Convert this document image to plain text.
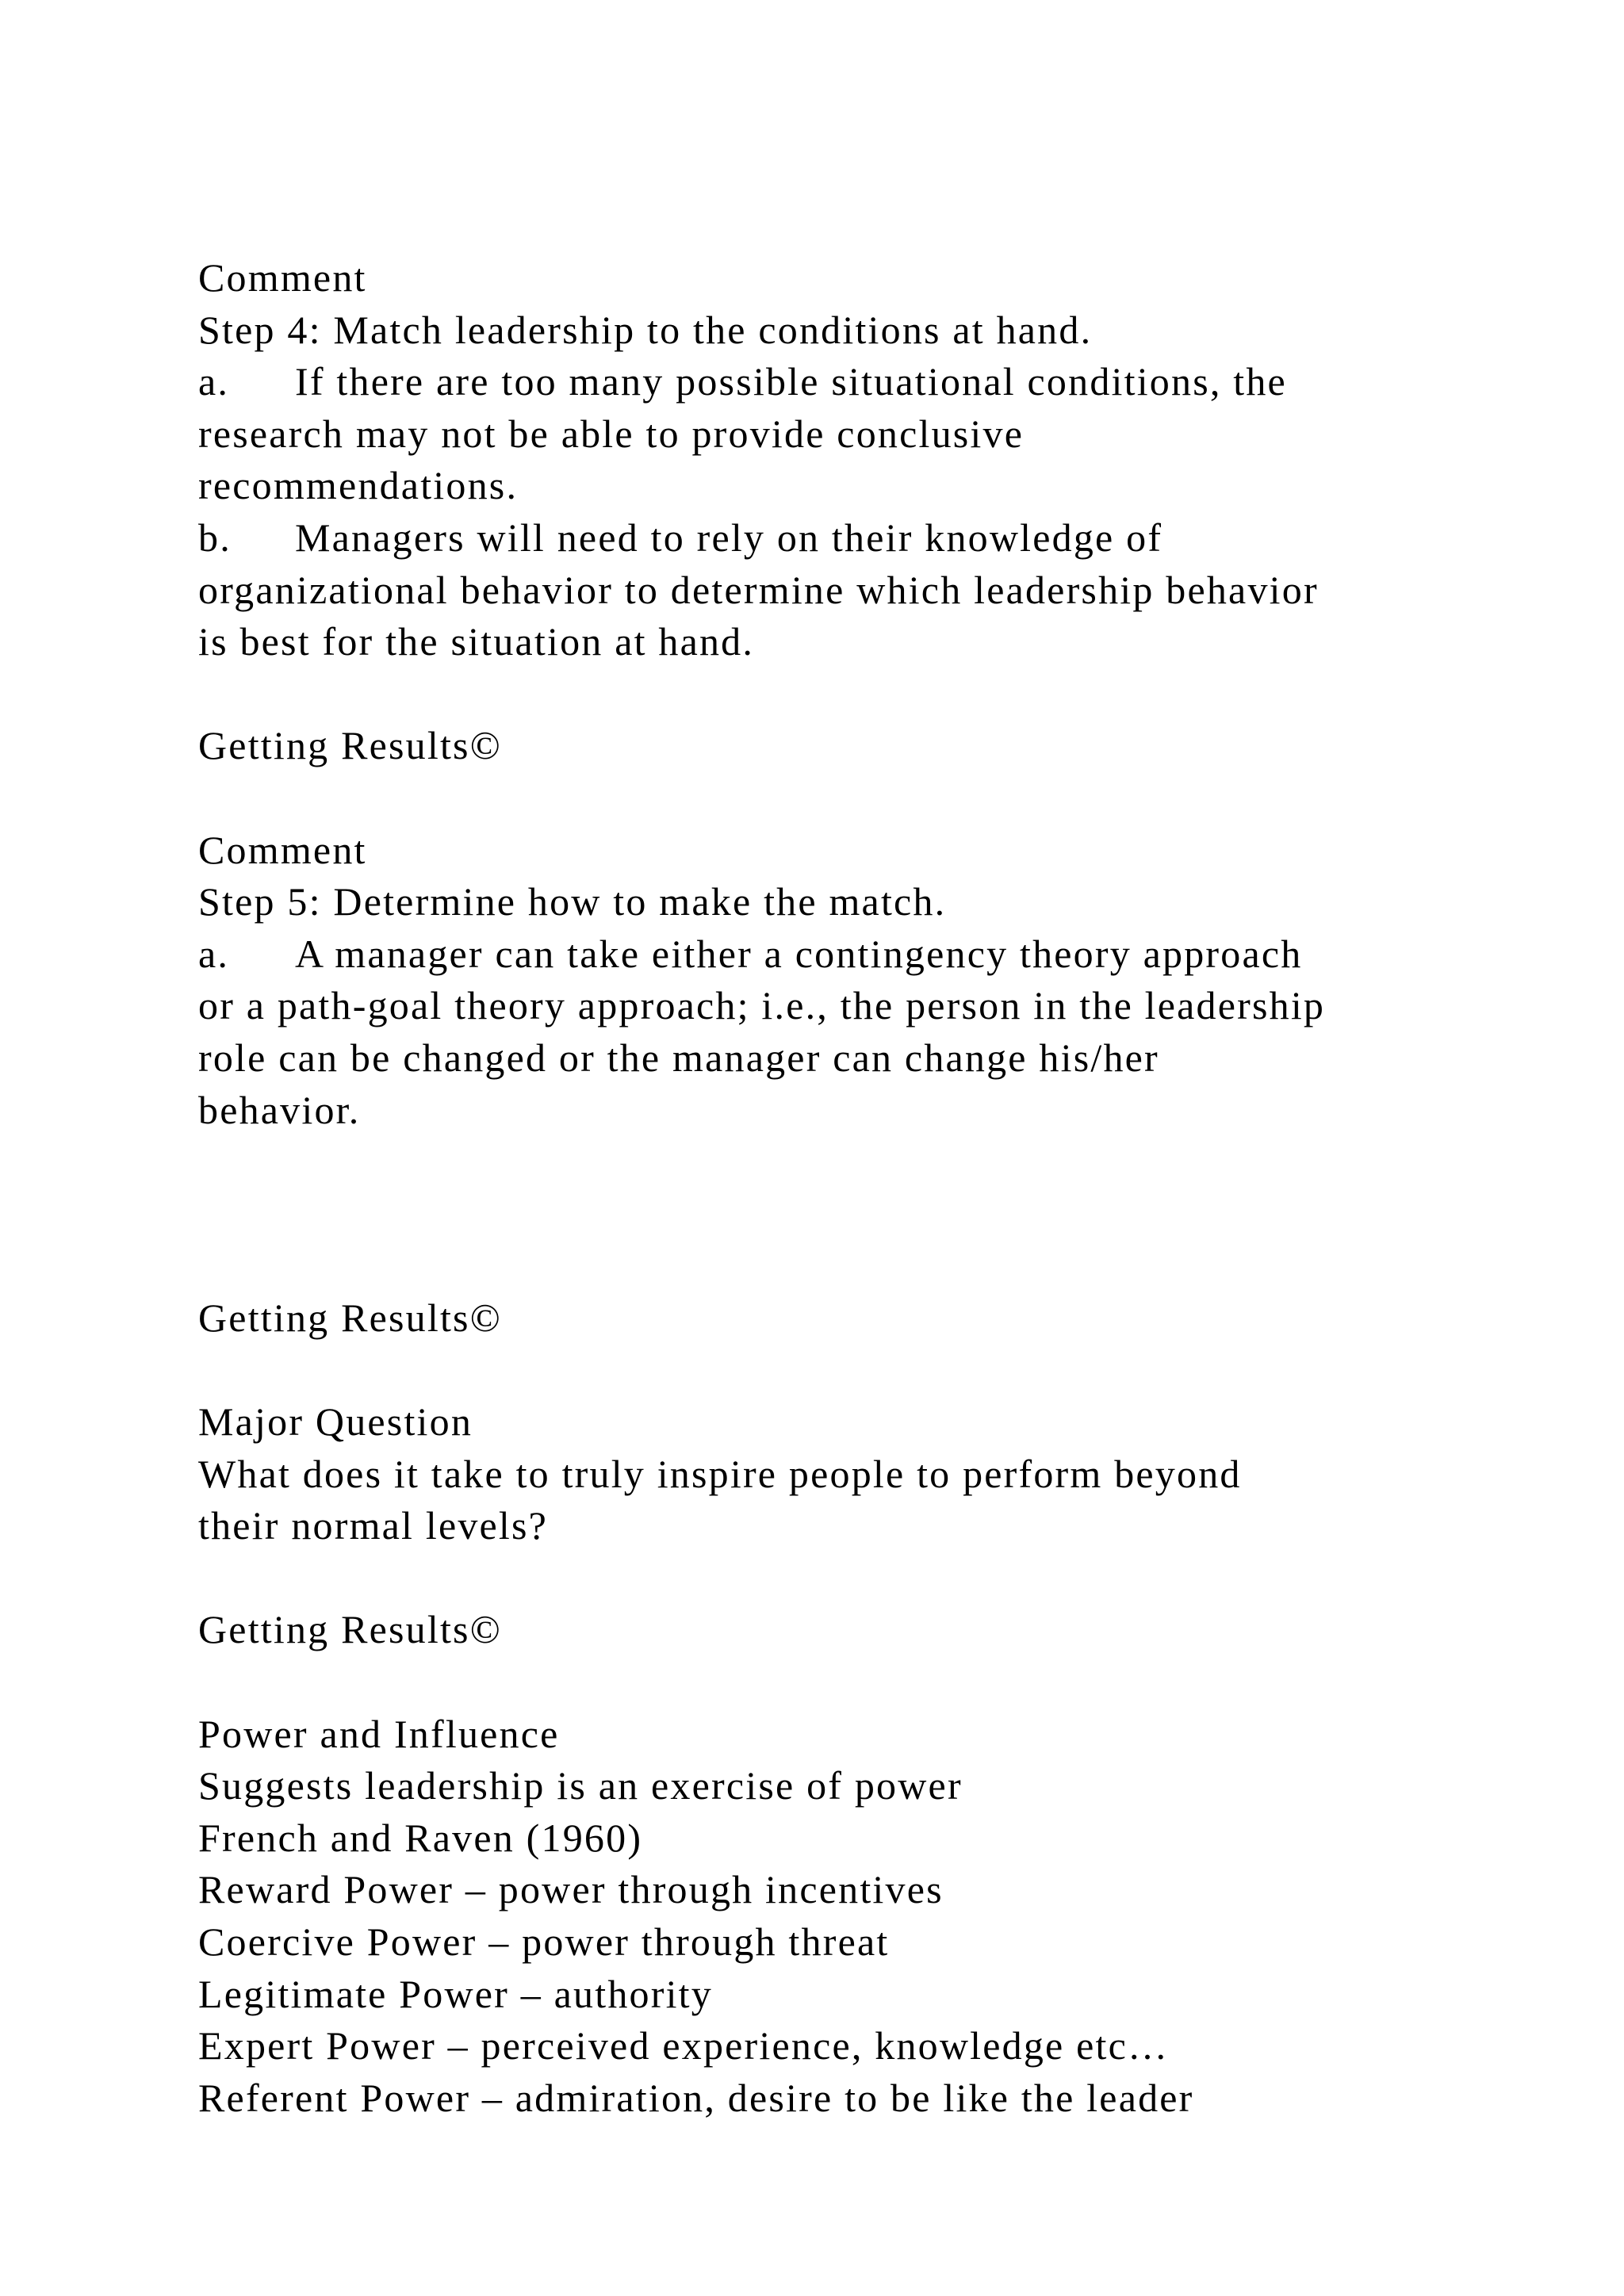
Comment
Step 4: Match leadership to the conditions at hand.
a. If there are too many possible situational conditions, the
research may not be able to provide conclusive
recommendations.
b. Managers will need to rely on their knowledge of
organizational behavior to determine which leadership behavior
is best for the situation at hand.
Getting Results©
Comment
Step 5: Determine how to make the match.
a. A manager can take either a contingency theory approach
or a path-goal theory approach; i.e., the person in the leadership
role can be changed or the manager can change his/her
behavior.
Getting Results©
Major Question
What does it take to truly inspire people to perform beyond
their normal levels?
Getting Results©
Power and Influence
Suggests leadership is an exercise of power
French and Raven (1960)
Reward Power – power through incentives
Coercive Power – power through threat
Legitimate Power – authority
Expert Power – perceived experience, knowledge etc…
Referent Power – admiration, desire to be like the leader
